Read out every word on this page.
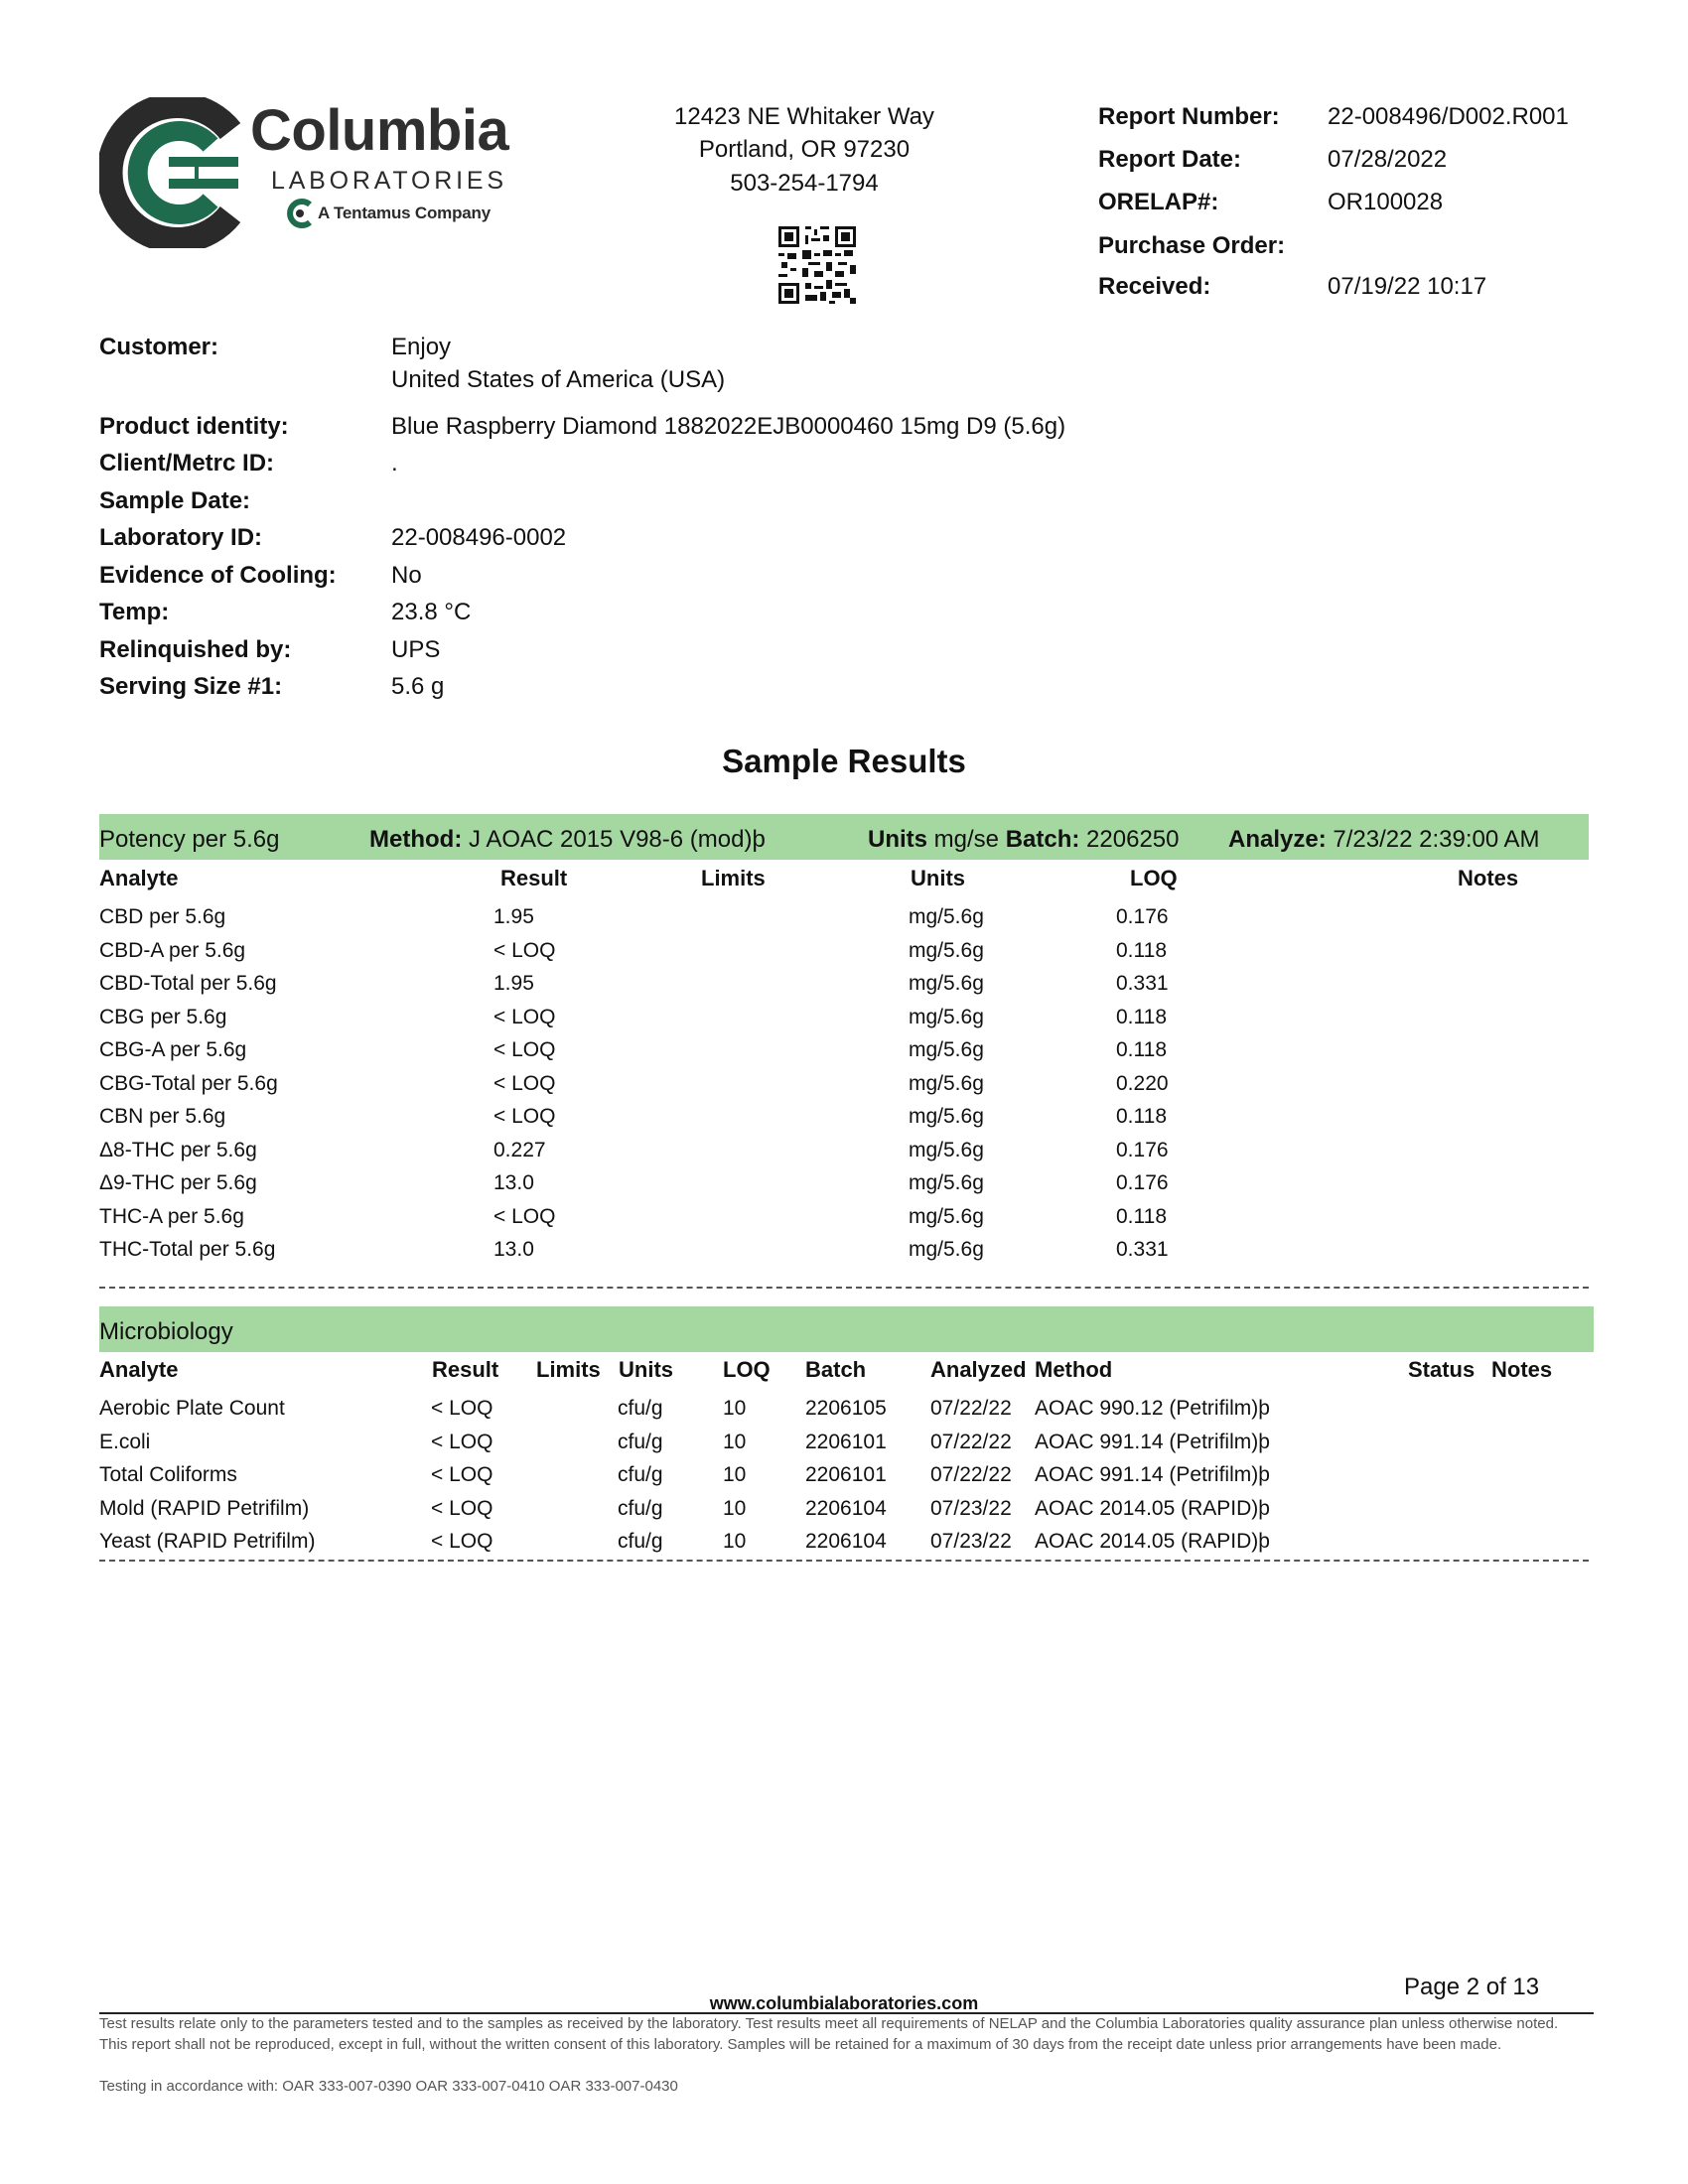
Columbia
LABORATORIES
A Tentamus Company
12423 NE Whitaker Way
Portland, OR 97230
503-254-1794
Report Number: 22-008496/D002.R001
Report Date:	07/28/2022
ORELAP#:	OR100028
Purchase Order:
Received:	07/19/22 10:17
Customer:	Enjoy
United States of America (USA)
Product identity:	Blue Raspberry Diamond 1882022EJB0000460 15mg D9 (5.6g)
Client/Metrc ID:	.
Sample Date:
Laboratory ID:	22-008496-0002
Evidence of Cooling: No
Temp:	23.8 °C
Relinquished by:	UPS
Serving Size #1:	5.6 g
Sample Results
Potency per 5.6g	Method: J AOAC 2015 V98-6 (mod)þ	Units mg/se Batch: 2206250 Analyze: 7/23/22 2:39:00 AM
Analyte	Result	Limits	Units	LOQ	Notes
CBD per 5.6g	1.95	mg/5.6g	0.176
CBD-A per 5.6g	< LOQ	mg/5.6g	0.118
CBD-Total per 5.6g	1.95	mg/5.6g	0.331
CBG per 5.6g	< LOQ	mg/5.6g	0.118
CBG-A per 5.6g	< LOQ	mg/5.6g	0.118
CBG-Total per 5.6g	< LOQ	mg/5.6g	0.220
CBN per 5.6g	< LOQ	mg/5.6g	0.118
Δ8-THC per 5.6g	0.227	mg/5.6g	0.176
Δ9-THC per 5.6g	13.0	mg/5.6g	0.176
THC-A per 5.6g	< LOQ	mg/5.6g	0.118
THC-Total per 5.6g	13.0	mg/5.6g	0.331
Microbiology
Analyte	Result Limits Units LOQ Batch	Analyzed Method	Status Notes
Aerobic Plate Count	< LOQ	cfu/g	10	2206105 07/22/22 AOAC 990.12 (Petrifilm)þ
E.coli	< LOQ	cfu/g	10	2206101 07/22/22 AOAC 991.14 (Petrifilm)þ
Total Coliforms	< LOQ	cfu/g	10	2206101 07/22/22 AOAC 991.14 (Petrifilm)þ
Mold (RAPID Petrifilm)	< LOQ	cfu/g	10	2206104 07/23/22 AOAC 2014.05 (RAPID)þ
Yeast (RAPID Petrifilm)	< LOQ	cfu/g	10	2206104 07/23/22 AOAC 2014.05 (RAPID)þ
Page 2 of 13
www.columbialaboratories.com
Test results relate only to the parameters tested and to the samples as received by the laboratory. Test results meet all requirements of NELAP and the Columbia Laboratories quality assurance plan unless otherwise noted. This report shall not be reproduced, except in full, without the written consent of this laboratory. Samples will be retained for a maximum of 30 days from the receipt date unless prior arrangements have been made.
Testing in accordance with: OAR 333-007-0390 OAR 333-007-0410 OAR 333-007-0430
